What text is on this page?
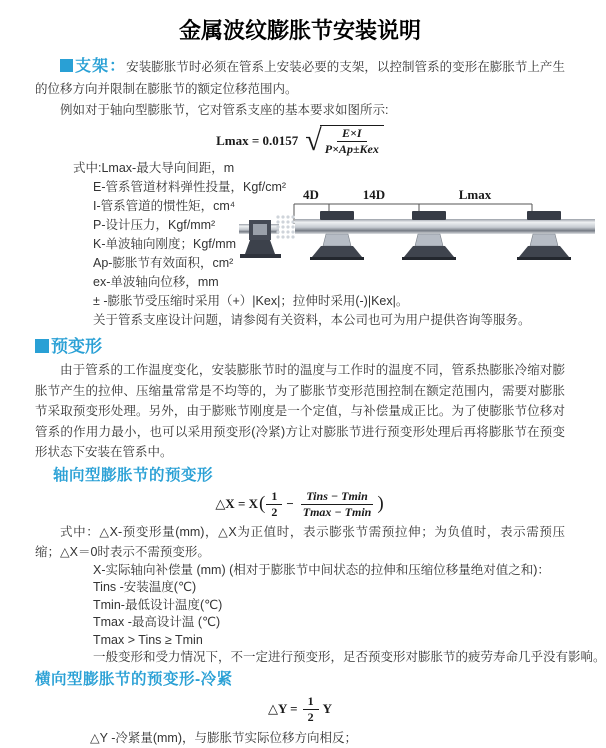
金属波纹膨胀节安装说明

支架：安装膨胀节时必须在管系上安装必要的支架，以控制管系的变形在膨胀节上产生的位移方向并限制在膨胀节的额定位移范围内。

例如对于轴向型膨胀节，它对管系支座的基本要求如图所示:

Lmax = 0.0157 √
$\frac{E\times I}{\text{P×Ap±Kex}}$
式中:Lmax-最大导向间距，m
E-管系管道材料弹性投量，Kgf/cm²
I-管系管道的惯性矩，cm⁴
P-设计压力，Kgf/mm²
K-单波轴向刚度；Kgf/mm
Ap-膨胀节有效面积，cm²
ex-单波轴向位移，mm
± -膨胀节受压缩时采用（+）|Kex|；拉伸时采用(-)|Kex|。
关于管系支座设计问题，请参阅有关资料，本公司也可为用户提供咨询等服务。
4D	14D	Lmax
预变形

由于管系的工作温度变化，安装膨胀节时的温度与工作时的温度不同，管系热膨胀冷缩对膨胀节产生的拉伸、压缩量常常是不均等的，为了膨胀节变形范围控制在额定范围内，需要对膨胀节采取预变形处理。另外，由于膨账节刚度是一个定值，与补偿量成正比。为了使膨胀节位移对管系的作用力最小，也可以采用预变形(冷紧)方让对膨胀节进行预变形处理后再将膨胀节在预变形状态下安装在管系中。

轴向型膨胀节的预变形
△X = X ( $\frac{1}{2} - \frac{\text{Tins − Tmin}}{Tmax - Tmin}$ )

式中：△X-预变形量(mm)，△X为正值时，表示膨张节需预拉伸；为负值时，表示需预压缩；△X＝0时表示不需预变形。

X-实际轴向补偿量 (mm) (相对于膨胀节中间状态的拉伸和压缩位移量绝对值之和)：
Tins -安装温度(℃)
Tmin-最低设计温度(℃)
Tmax -最高设计温 (℃)
Tmax > Tins ≥ Tmin
一般变形和受力情况下，不一定进行预变形，足否预变形对膨胀节的疲劳寿命几乎没有影响。
横向型膨胀节的预变形-冷紧
△Y = $\frac{1}{2}$ Y
△Y -冷紧量(mm)，与膨胀节实际位移方向相反；
